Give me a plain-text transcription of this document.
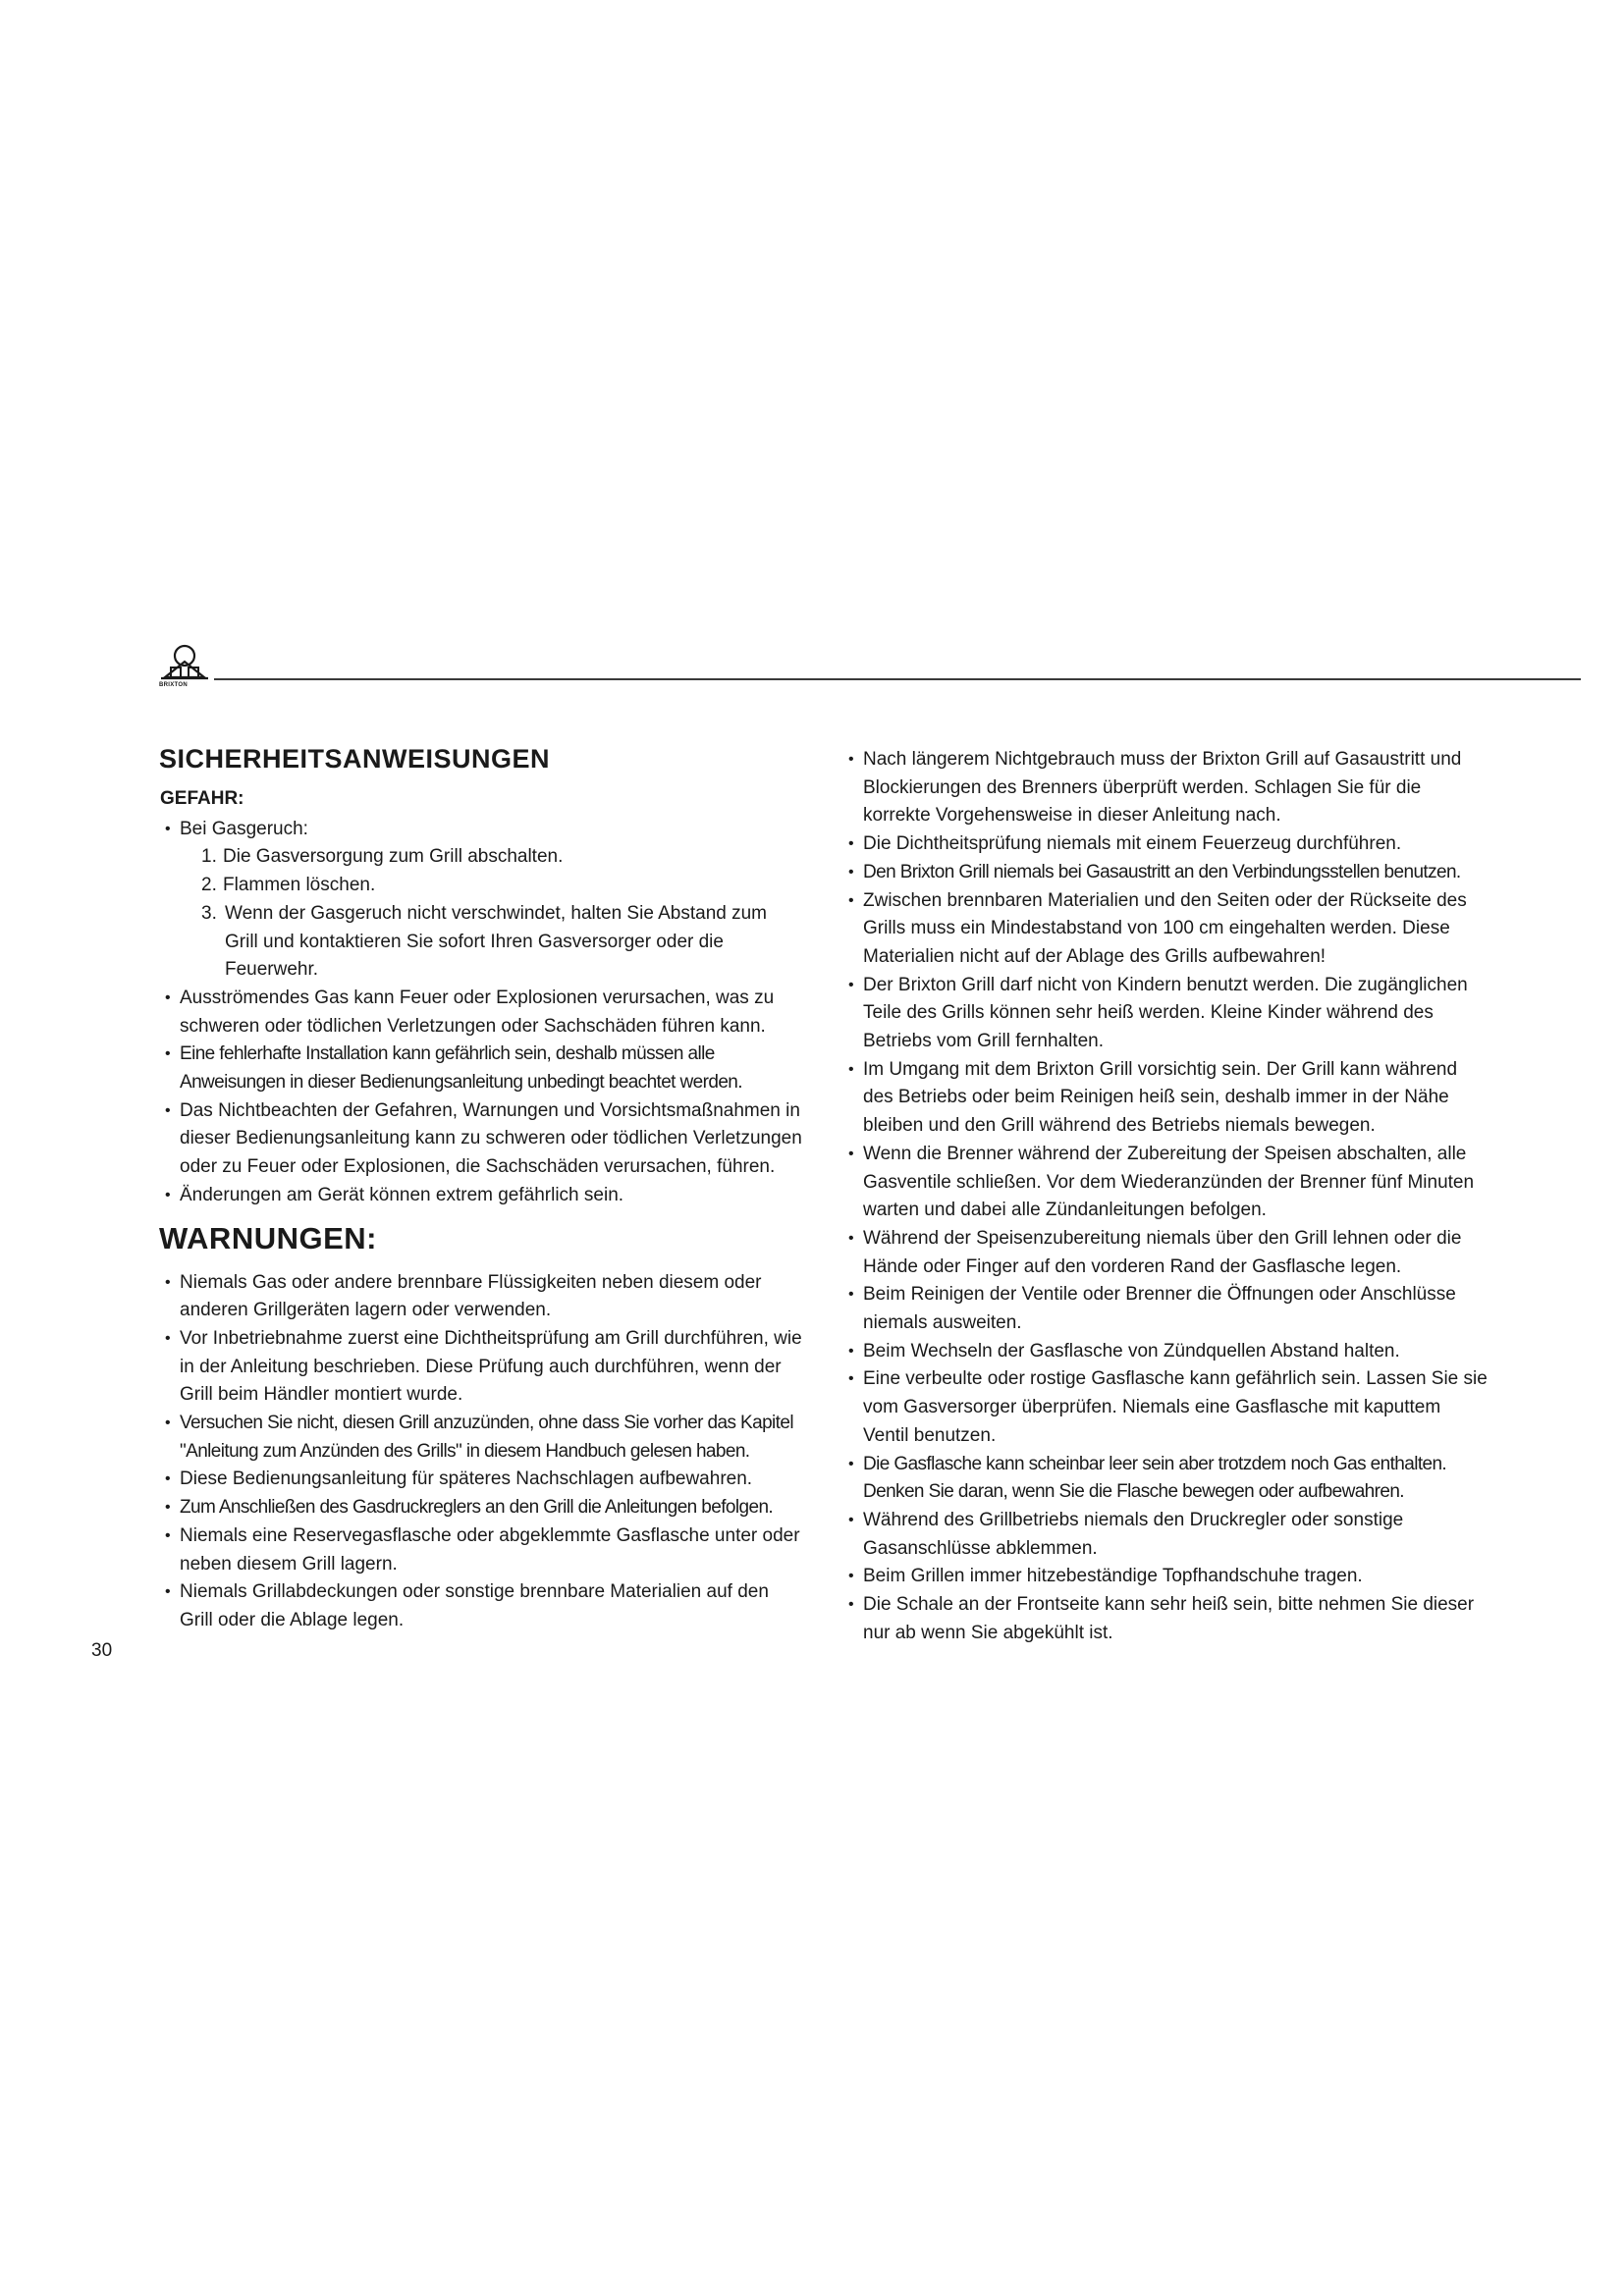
BRIXTON
SICHERHEITSANWEISUNGEN
GEFAHR:
• Bei Gasgeruch:
1. Die Gasversorgung zum Grill abschalten.
2. Flammen löschen.
3. Wenn der Gasgeruch nicht verschwindet, halten Sie Abstand zum Grill und kontaktieren Sie sofort Ihren Gasversorger oder die Feuerwehr.
• Ausströmendes Gas kann Feuer oder Explosionen verursachen, was zu schweren oder tödlichen Verletzungen oder Sachschäden führen kann.
• Eine fehlerhafte Installation kann gefährlich sein, deshalb müssen alle Anweisungen in dieser Bedienungsanleitung unbedingt beachtet werden.
• Das Nichtbeachten der Gefahren, Warnungen und Vorsichtsmaßnahmen in dieser Bedienungsanleitung kann zu schweren oder tödlichen Verletzungen oder zu Feuer oder Explosionen, die Sachschäden verursachen, führen.
• Änderungen am Gerät können extrem gefährlich sein.
WARNUNGEN:
• Niemals Gas oder andere brennbare Flüssigkeiten neben diesem oder anderen Grillgeräten lagern oder verwenden.
• Vor Inbetriebnahme zuerst eine Dichtheitsprüfung am Grill durchführen, wie in der Anleitung beschrieben. Diese Prüfung auch durchführen, wenn der Grill beim Händler montiert wurde.
• Versuchen Sie nicht, diesen Grill anzuzünden, ohne dass Sie vorher das Kapitel "Anleitung zum Anzünden des Grills" in diesem Handbuch gelesen haben.
• Diese Bedienungsanleitung für späteres Nachschlagen aufbewahren.
• Zum Anschließen des Gasdruckreglers an den Grill die Anleitungen befolgen.
• Niemals eine Reservegasflasche oder abgeklemmte Gasflasche unter oder neben diesem Grill lagern.
• Niemals Grillabdeckungen oder sonstige brennbare Materialien auf den Grill oder die Ablage legen.
• Nach längerem Nichtgebrauch muss der Brixton Grill auf Gasaustritt und Blockierungen des Brenners überprüft werden. Schlagen Sie für die korrekte Vorgehensweise in dieser Anleitung nach.
• Die Dichtheitsprüfung niemals mit einem Feuerzeug durchführen.
• Den Brixton Grill niemals bei Gasaustritt an den Verbindungsstellen benutzen.
• Zwischen brennbaren Materialien und den Seiten oder der Rückseite des Grills muss ein Mindestabstand von 100 cm eingehalten werden. Diese Materialien nicht auf der Ablage des Grills aufbewahren!
• Der Brixton Grill darf nicht von Kindern benutzt werden. Die zugänglichen Teile des Grills können sehr heiß werden. Kleine Kinder während des Betriebs vom Grill fernhalten.
• Im Umgang mit dem Brixton Grill vorsichtig sein. Der Grill kann während des Betriebs oder beim Reinigen heiß sein, deshalb immer in der Nähe bleiben und den Grill während des Betriebs niemals bewegen.
• Wenn die Brenner während der Zubereitung der Speisen abschalten, alle Gasventile schließen. Vor dem Wiederanzünden der Brenner fünf Minuten warten und dabei alle Zündanleitungen befolgen.
• Während der Speisenzubereitung niemals über den Grill lehnen oder die Hände oder Finger auf den vorderen Rand der Gasflasche legen.
• Beim Reinigen der Ventile oder Brenner die Öffnungen oder Anschlüsse niemals ausweiten.
• Beim Wechseln der Gasflasche von Zündquellen Abstand halten.
• Eine verbeulte oder rostige Gasflasche kann gefährlich sein. Lassen Sie sie vom Gasversorger überprüfen. Niemals eine Gasflasche mit kaputtem Ventil benutzen.
• Die Gasflasche kann scheinbar leer sein aber trotzdem noch Gas enthalten. Denken Sie daran, wenn Sie die Flasche bewegen oder aufbewahren.
• Während des Grillbetriebs niemals den Druckregler oder sonstige Gasanschlüsse abklemmen.
• Beim Grillen immer hitzebeständige Topfhandschuhe tragen.
• Die Schale an der Frontseite kann sehr heiß sein, bitte nehmen Sie dieser nur ab wenn Sie abgekühlt ist.
30
